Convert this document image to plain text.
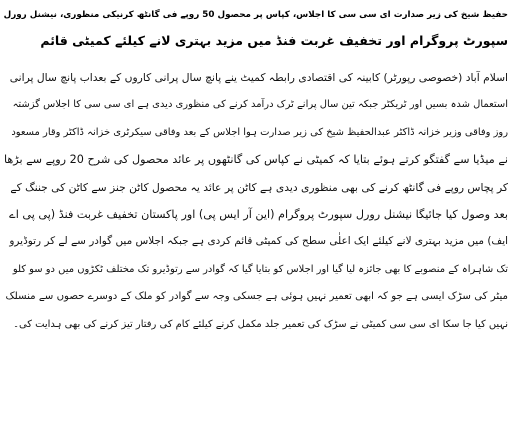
حفیظ شیخ کی زیر صدارت ای سی سی کا اجلاس، کپاس پر محصول 50 روپے فی گانٹھ کرنیکی منظوری، نیشنل رورل

سپورٹ پروگرام اور تخفیف غربت فنڈ میں مزید بہتری لانے کیلئے کمیٹی قائم

اسلام آباد (خصوصی رپورٹر) کابینہ کی اقتصادی رابطہ کمیٹ ینے پانچ سال پرانی کاروں کے بعداب پانچ سال پرانی

استعمال شدہ بسیں اور ٹریکٹر جبکہ تین سال پرانے ٹرک درآمد کرنے کی منظوری دیدی ہے ای سی سی کا اجلاس گزشتہ

روز وفاقی وزیر خزانہ ڈاکٹر عبدالحفیظ شیخ کی زیر صدارت ہوا اجلاس کے بعد وفاقی سیکرٹری خزانہ ڈاکٹر وقار مسعود

نے میڈیا سے گفتگو کرتے ہوئے بتایا کہ کمیٹی نے کپاس کی گانٹھوں پر عائد محصول کی شرح 20 روپے سے بڑھا

کر پچاس روپے فی گانٹھ کرنے کی بھی منظوری دیدی ہے کاٹن پر عائد یہ محصول کاٹن جنز سے کاٹن کی جننگ کے

بعد وصول کیا جائیگا نیشنل رورل سپورٹ پروگرام (این آر ایس پی) اور پاکستان تخفیف غربت فنڈ (پی پی اے

ایف) میں مزید بہتری لانے کیلئے ایک اعلٰی سطح کی کمیٹی قائم کردی ہے جبکہ اجلاس میں گوادر سے لے کر رتوڈیرو

تک شاہراہ کے منصوبے کا بھی جائزہ لیا گیا اور اجلاس کو بتایا گیا کہ گوادر سے رتوڈیرو تک مختلف ٹکڑوں میں دو سو کلو

میٹر کی سڑک ایسی ہے جو کہ ابھی تعمیر نہیں ہوئی ہے جسکی وجہ سے گوادر کو ملک کے دوسرے حصوں سے منسلک

نہیں کیا جا سکا ای سی سی کمیٹی نے سڑک کی تعمیر جلد مکمل کرنے کیلئے کام کی رفتار تیز کرنے کی بھی ہدایت کی۔
